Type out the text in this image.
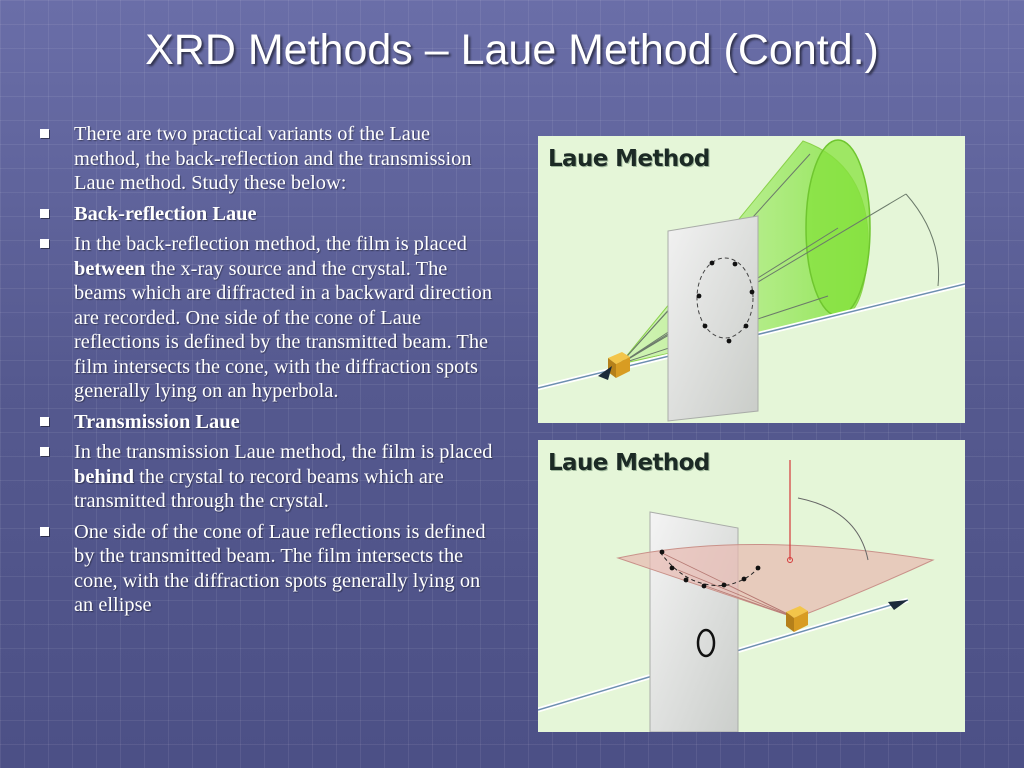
XRD Methods – Laue Method (Contd.)
There are two practical variants of the Laue method, the back-reflection and the transmission Laue method. Study these below:
Back-reflection Laue
In the back-reflection method, the film is placed between the x-ray source and the crystal. The beams which are diffracted in a backward direction are recorded. One side of the cone of Laue reflections is defined by the transmitted beam. The film intersects the cone, with the diffraction spots generally lying on an hyperbola.
Transmission Laue
In the transmission Laue method, the film is placed behind the crystal to record beams which are transmitted through the crystal.
One side of the cone of Laue reflections is defined by the transmitted beam. The film intersects the cone, with the diffraction spots generally lying on an ellipse
Laue Method
Laue Method
